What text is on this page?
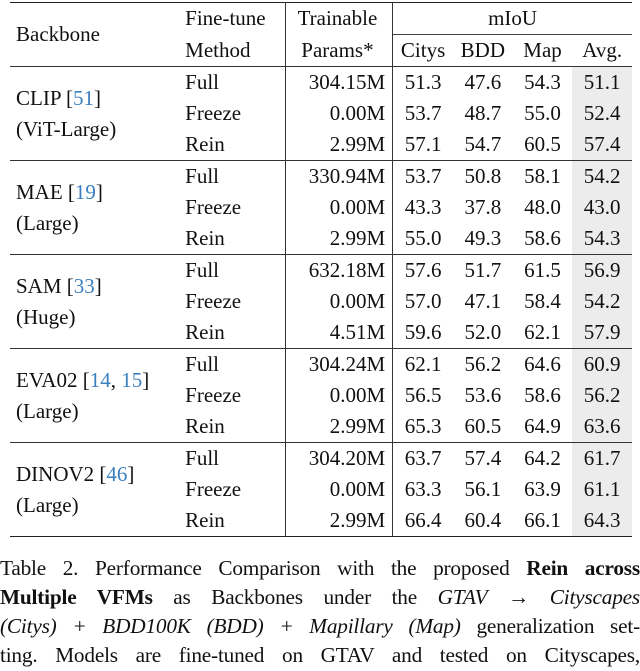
Backbone	Fine-tune	Trainable	mIoU			
	Method	Params*	Citys	BDD	Map	Avg.

CLIP [51]
(ViT-Large)	Full	304.15M	51.3	47.6	54.3	51.1
	Freeze	0.00M	53.7	48.7	55.0	52.4
	Rein	2.99M	57.1	54.7	60.5	57.4

MAE [19]
(Large)	Full	330.94M	53.7	50.8	58.1	54.2
	Freeze	0.00M	43.3	37.8	48.0	43.0
	Rein	2.99M	55.0	49.3	58.6	54.3

SAM [33]
(Huge)	Full	632.18M	57.6	51.7	61.5	56.9
	Freeze	0.00M	57.0	47.1	58.4	54.2
	Rein	4.51M	59.6	52.0	62.1	57.9

EVA02 [14, 15]
(Large)	Full	304.24M	62.1	56.2	64.6	60.9
	Freeze	0.00M	56.5	53.6	58.6	56.2
	Rein	2.99M	65.3	60.5	64.9	63.6

DINOV2 [46]
(Large)	Full	304.20M	63.7	57.4	64.2	61.7
	Freeze	0.00M	63.3	56.1	63.9	61.1
	Rein	2.99M	66.4	60.4	66.1	64.3
Table 2. Performance Comparison with the proposed Rein across
Multiple VFMs as Backbones under the GTAV → Cityscapes
(Citys) + BDD100K (BDD) + Mapillary (Map) generalization set-
ting. Models are fine-tuned on GTAV and tested on Cityscapes,
